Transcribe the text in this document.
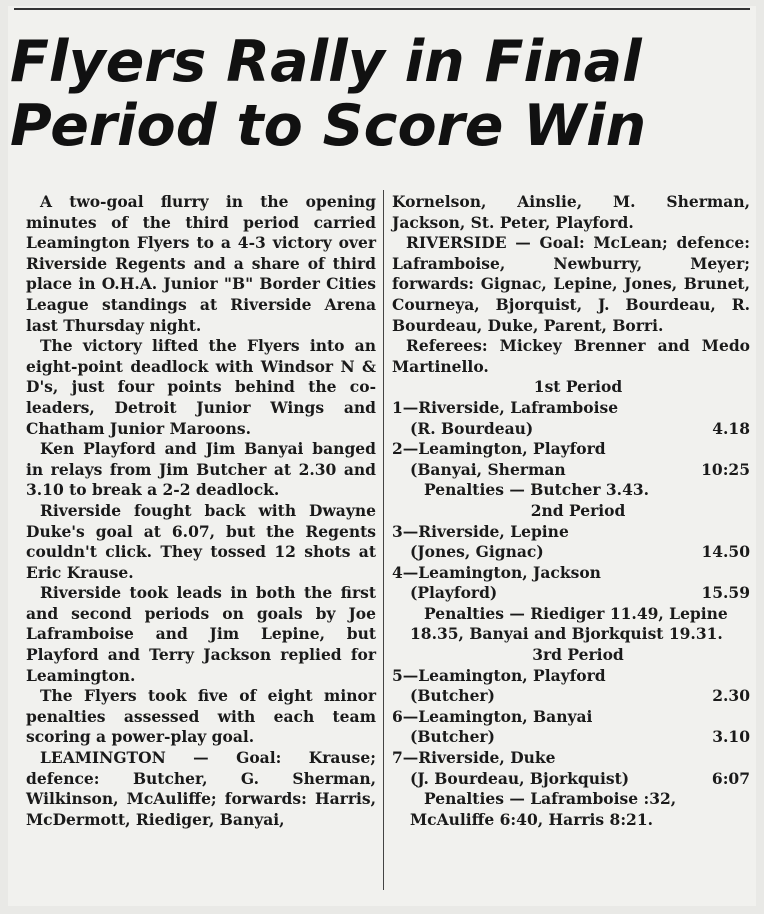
Flyers Rally in Final
Period to Score Win

A two-goal flurry in the opening minutes of the third period carried Leamington Flyers to a 4-3 victory over Riverside Regents and a share of third place in O.H.A. Junior "B" Border Cities League standings at Riverside Arena last Thursday night.

The victory lifted the Flyers into an eight-point deadlock with Windsor N & D's, just four points behind the co-leaders, Detroit Junior Wings and Chatham Junior Maroons.

Ken Playford and Jim Banyai banged in relays from Jim Butcher at 2.30 and 3.10 to break a 2-2 deadlock.

Riverside fought back with Dwayne Duke's goal at 6.07, but the Regents couldn't click. They tossed 12 shots at Eric Krause.

Riverside took leads in both the first and second periods on goals by Joe Laframboise and Jim Lepine, but Playford and Terry Jackson replied for Leamington.

The Flyers took five of eight minor penalties assessed with each team scoring a power-play goal.

LEAMINGTON — Goal: Krause; defence: Butcher, G. Sherman, Wilkinson, McAuliffe; forwards: Harris, McDermott, Riediger, Banyai,

Kornelson, Ainslie, M. Sherman, Jackson, St. Peter, Playford.

RIVERSIDE — Goal: McLean; defence: Laframboise, Newburry, Meyer; forwards: Gignac, Lepine, Jones, Brunet, Courneya, Bjorquist, J. Bourdeau, R. Bourdeau, Duke, Parent, Borri.

Referees: Mickey Brenner and Medo Martinello.

1st Period

1—Riverside, Laframboise

(R. Bourdeau)	4.18

2—Leamington, Playford

(Banyai, Sherman	10:25

Penalties — Butcher 3.43.

2nd Period

3—Riverside, Lepine

(Jones, Gignac)	14.50

4—Leamington, Jackson

(Playford)	15.59

Penalties — Riediger 11.49, Lepine 18.35, Banyai and Bjorkquist 19.31.

3rd Period

5—Leamington, Playford

(Butcher)	2.30

6—Leamington, Banyai

(Butcher)	3.10

7—Riverside, Duke

(J. Bourdeau, Bjorkquist)	6:07

Penalties — Laframboise :32, McAuliffe 6:40, Harris 8:21.
